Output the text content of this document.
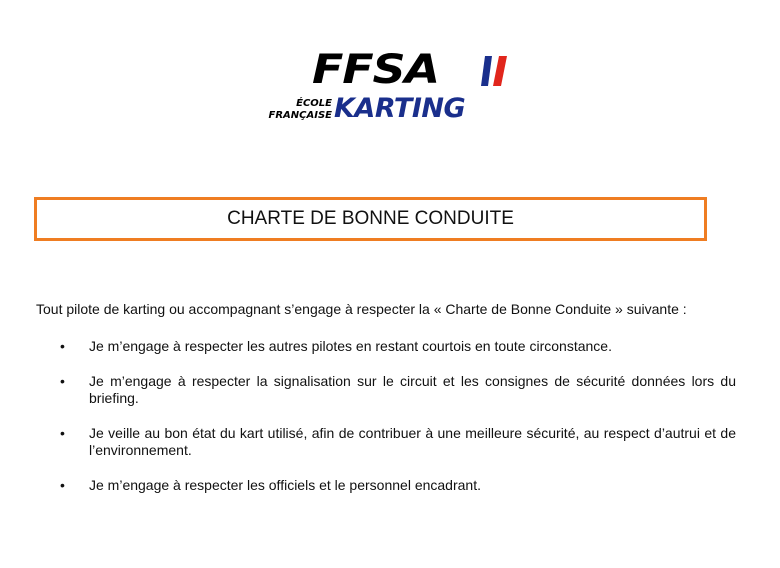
FFSA
ÉCOLE
FRANÇAISE KARTING
CHARTE DE BONNE CONDUITE

Tout pilote de karting ou accompagnant s’engage à respecter la « Charte de Bonne Conduite » suivante :

• Je m’engage à respecter les autres pilotes en restant courtois en toute circonstance.
• Je m’engage à respecter la signalisation sur le circuit et les consignes de sécurité données lors du briefing.
• Je veille au bon état du kart utilisé, afin de contribuer à une meilleure sécurité, au respect d’autrui et de l’environnement.
• Je m’engage à respecter les officiels et le personnel encadrant.
